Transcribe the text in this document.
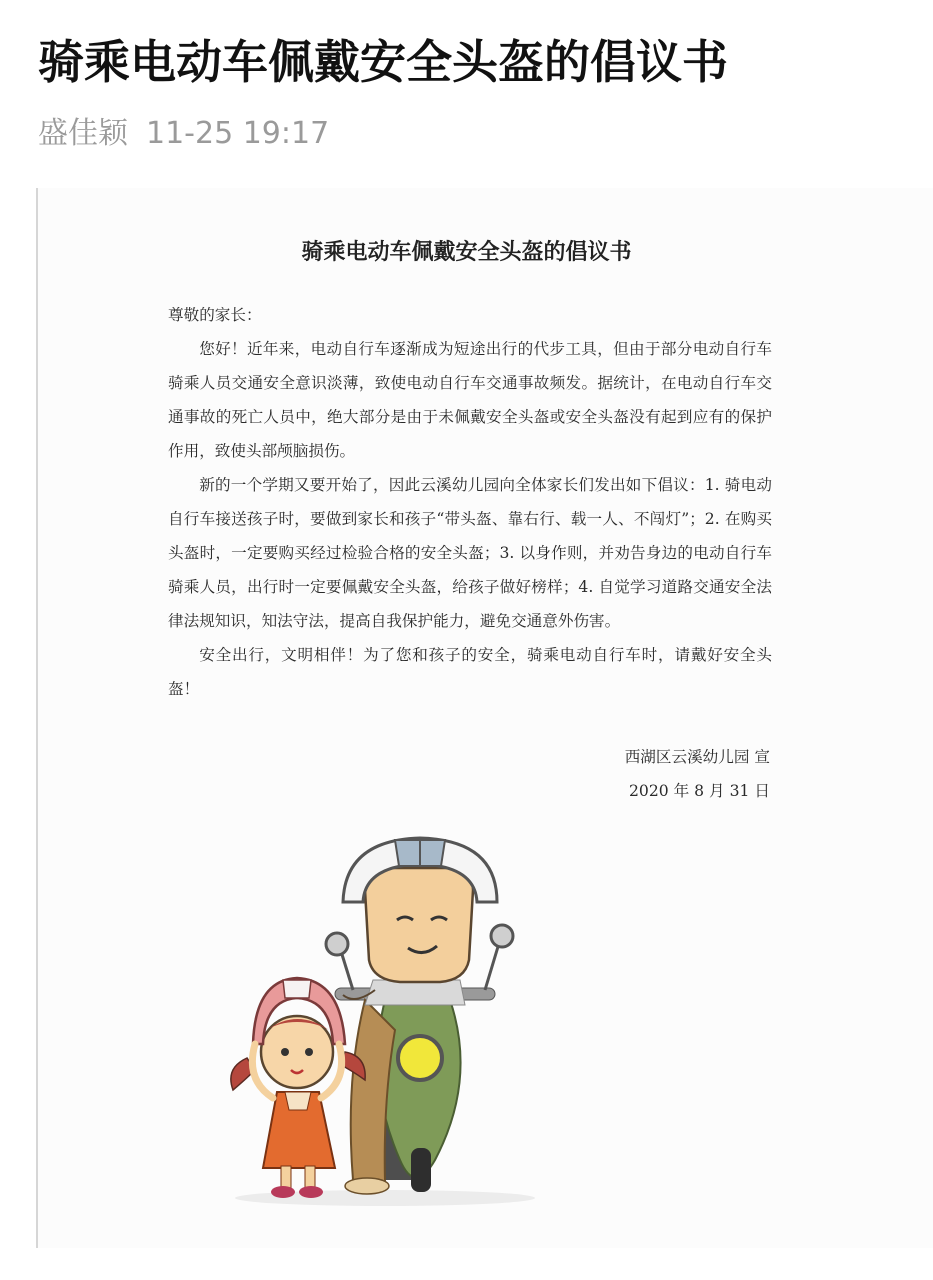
骑乘电动车佩戴安全头盔的倡议书
盛佳颖 11-25 19:17
骑乘电动车佩戴安全头盔的倡议书

尊敬的家长：

您好！近年来，电动自行车逐渐成为短途出行的代步工具，但由于部分电动自行车骑乘人员交通安全意识淡薄，致使电动自行车交通事故频发。据统计，在电动自行车交通事故的死亡人员中，绝大部分是由于未佩戴安全头盔或安全头盔没有起到应有的保护作用，致使头部颅脑损伤。

新的一个学期又要开始了，因此云溪幼儿园向全体家长们发出如下倡议：1. 骑电动自行车接送孩子时，要做到家长和孩子“带头盔、靠右行、载一人、不闯灯”；2. 在购买头盔时，一定要购买经过检验合格的安全头盔；3. 以身作则，并劝告身边的电动自行车骑乘人员，出行时一定要佩戴安全头盔，给孩子做好榜样；4. 自觉学习道路交通安全法律法规知识，知法守法，提高自我保护能力，避免交通意外伤害。

安全出行，文明相伴！为了您和孩子的安全，骑乘电动自行车时，请戴好安全头盔！

西湖区云溪幼儿园 宣
2020 年 8 月 31 日
